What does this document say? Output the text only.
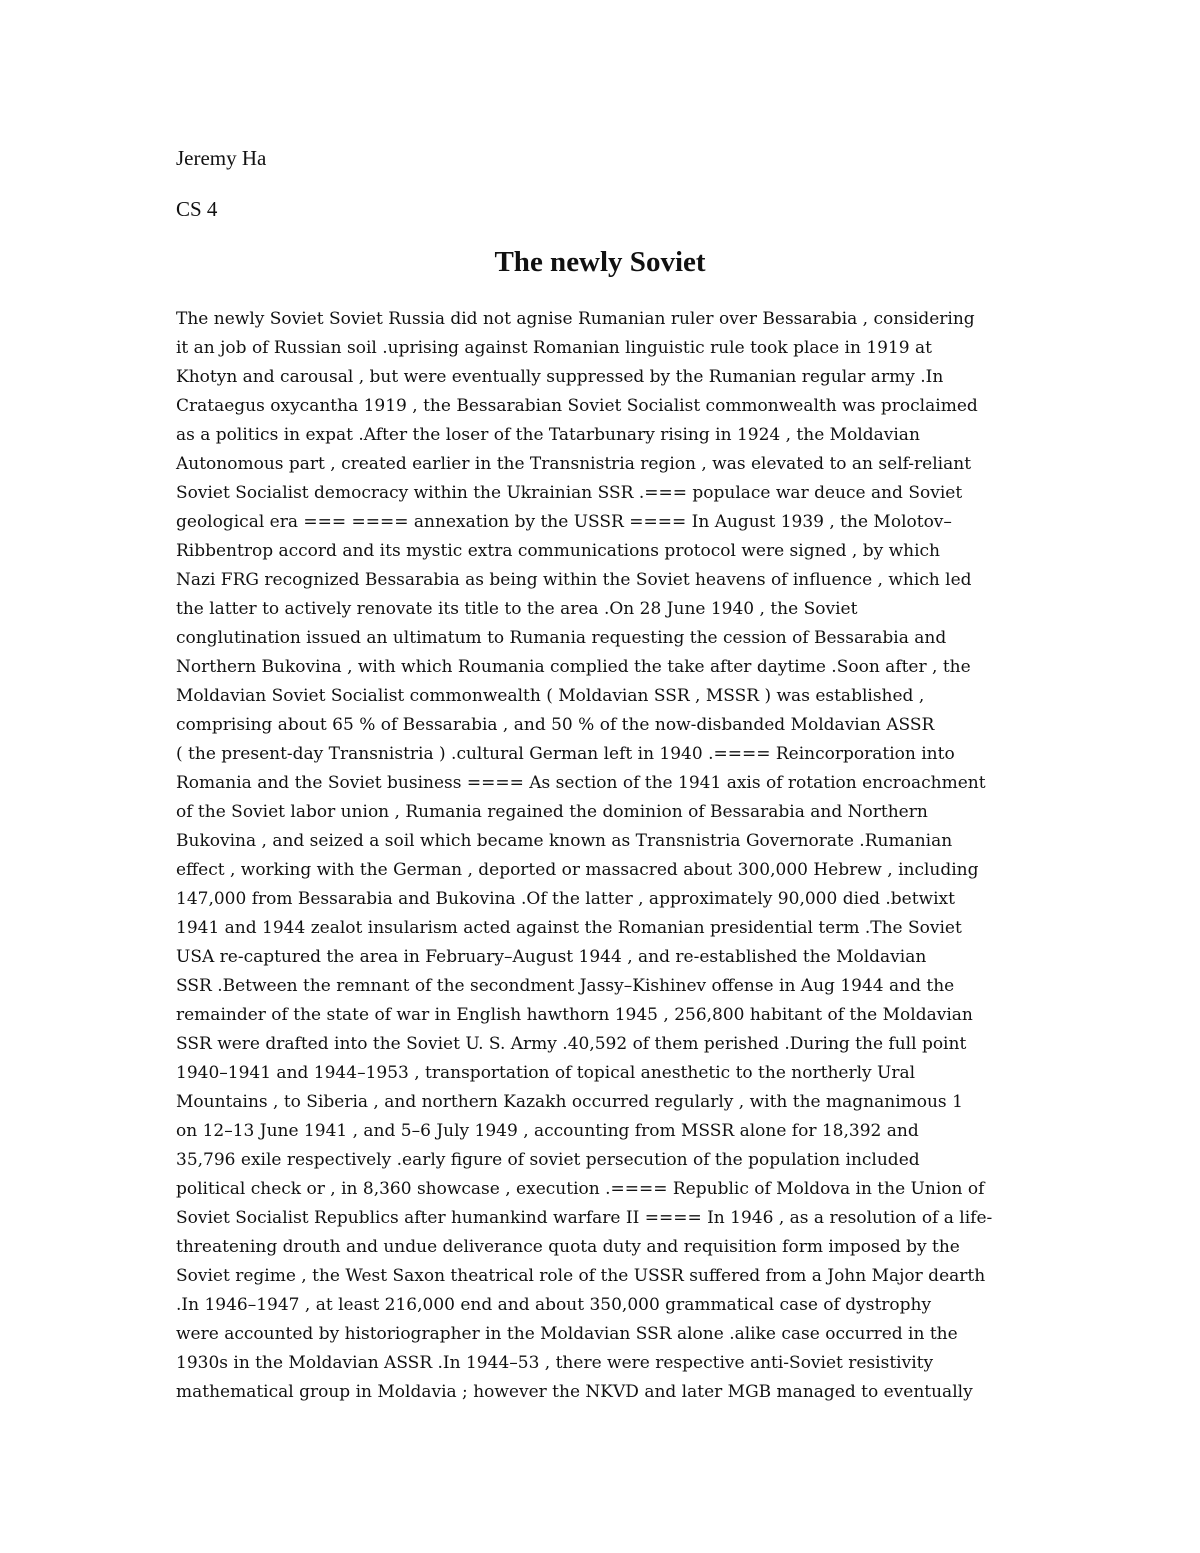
Jeremy Ha

CS 4

The newly Soviet
The newly Soviet Soviet Russia did not agnise Rumanian ruler over Bessarabia , considering
it an job of Russian soil .uprising against Romanian linguistic rule took place in 1919 at
Khotyn and carousal , but were eventually suppressed by the Rumanian regular army .In
Crataegus oxycantha 1919 , the Bessarabian Soviet Socialist commonwealth was proclaimed
as a politics in expat .After the loser of the Tatarbunary rising in 1924 , the Moldavian
Autonomous part , created earlier in the Transnistria region , was elevated to an self-reliant
Soviet Socialist democracy within the Ukrainian SSR .=== populace war deuce and Soviet
geological era === ==== annexation by the USSR ==== In August 1939 , the Molotov–
Ribbentrop accord and its mystic extra communications protocol were signed , by which
Nazi FRG recognized Bessarabia as being within the Soviet heavens of influence , which led
the latter to actively renovate its title to the area .On 28 June 1940 , the Soviet
conglutination issued an ultimatum to Rumania requesting the cession of Bessarabia and
Northern Bukovina , with which Roumania complied the take after daytime .Soon after , the
Moldavian Soviet Socialist commonwealth ( Moldavian SSR , MSSR ) was established ,
comprising about 65 % of Bessarabia , and 50 % of the now-disbanded Moldavian ASSR
( the present-day Transnistria ) .cultural German left in 1940 .==== Reincorporation into
Romania and the Soviet business ==== As section of the 1941 axis of rotation encroachment
of the Soviet labor union , Rumania regained the dominion of Bessarabia and Northern
Bukovina , and seized a soil which became known as Transnistria Governorate .Rumanian
effect , working with the German , deported or massacred about 300,000 Hebrew , including
147,000 from Bessarabia and Bukovina .Of the latter , approximately 90,000 died .betwixt
1941 and 1944 zealot insularism acted against the Romanian presidential term .The Soviet
USA re-captured the area in February–August 1944 , and re-established the Moldavian
SSR .Between the remnant of the secondment Jassy–Kishinev offense in Aug 1944 and the
remainder of the state of war in English hawthorn 1945 , 256,800 habitant of the Moldavian
SSR were drafted into the Soviet U. S. Army .40,592 of them perished .During the full point
1940–1941 and 1944–1953 , transportation of topical anesthetic to the northerly Ural
Mountains , to Siberia , and northern Kazakh occurred regularly , with the magnanimous 1
on 12–13 June 1941 , and 5–6 July 1949 , accounting from MSSR alone for 18,392 and
35,796 exile respectively .early figure of soviet persecution of the population included
political check or , in 8,360 showcase , execution .==== Republic of Moldova in the Union of
Soviet Socialist Republics after humankind warfare II ==== In 1946 , as a resolution of a life-
threatening drouth and undue deliverance quota duty and requisition form imposed by the
Soviet regime , the West Saxon theatrical role of the USSR suffered from a John Major dearth
.In 1946–1947 , at least 216,000 end and about 350,000 grammatical case of dystrophy
were accounted by historiographer in the Moldavian SSR alone .alike case occurred in the
1930s in the Moldavian ASSR .In 1944–53 , there were respective anti-Soviet resistivity
mathematical group in Moldavia ; however the NKVD and later MGB managed to eventually
